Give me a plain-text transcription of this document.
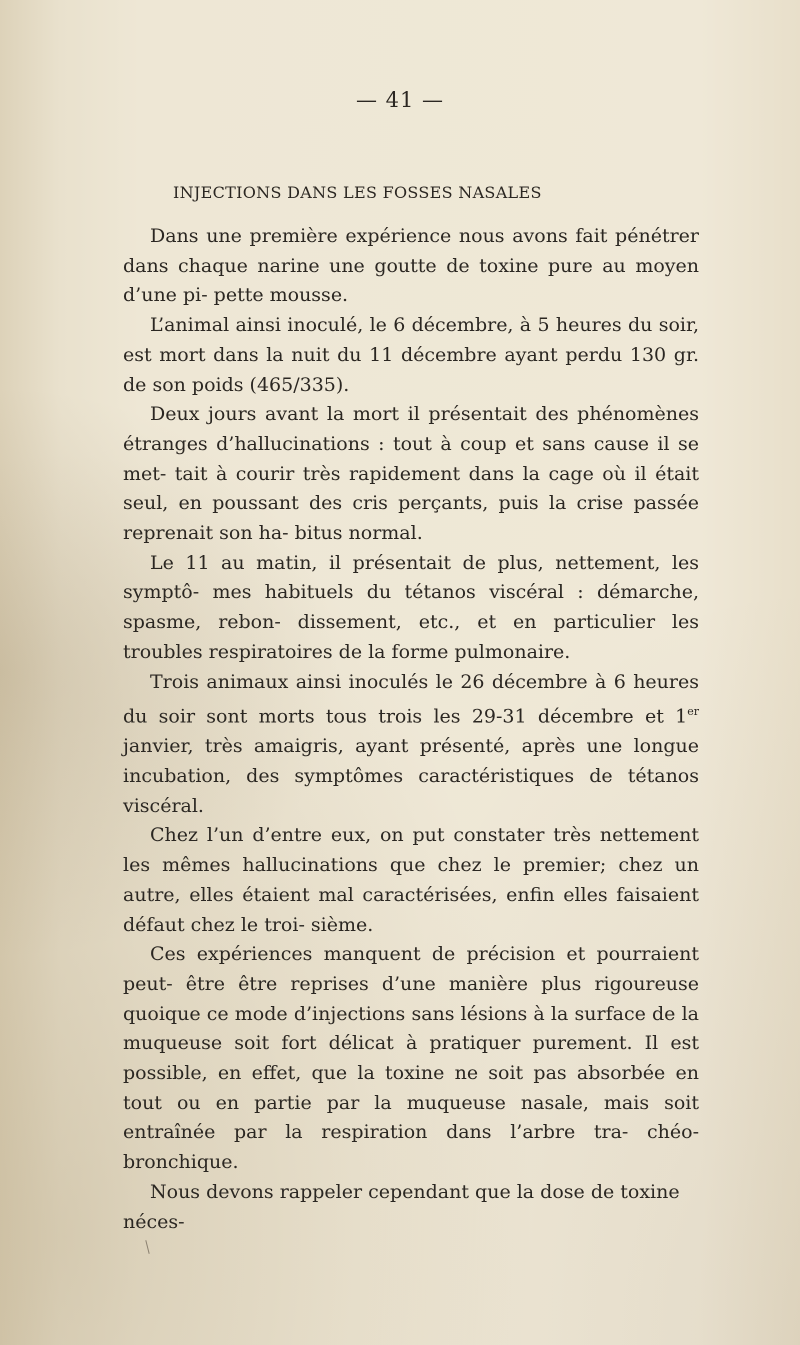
— 41 —
INJECTIONS DANS LES FOSSES NASALES

Dans une première expérience nous avons fait pénétrer dans chaque narine une goutte de toxine pure au moyen d’une pi- pette mousse.

L’animal ainsi inoculé, le 6 décembre, à 5 heures du soir, est mort dans la nuit du 11 décembre ayant perdu 130 gr. de son poids (465/335).

Deux jours avant la mort il présentait des phénomènes étranges d’hallucinations : tout à coup et sans cause il se met- tait à courir très rapidement dans la cage où il était seul, en poussant des cris perçants, puis la crise passée reprenait son ha- bitus normal.

Le 11 au matin, il présentait de plus, nettement, les symptô- mes habituels du tétanos viscéral : démarche, spasme, rebon- dissement, etc., et en particulier les troubles respiratoires de la forme pulmonaire.

Trois animaux ainsi inoculés le 26 décembre à 6 heures du soir sont morts tous trois les 29-31 décembre et 1er janvier, très amaigris, ayant présenté, après une longue incubation, des symptômes caractéristiques de tétanos viscéral.

Chez l’un d’entre eux, on put constater très nettement les mêmes hallucinations que chez le premier; chez un autre, elles étaient mal caractérisées, enfin elles faisaient défaut chez le troi- sième.

Ces expériences manquent de précision et pourraient peut- être être reprises d’une manière plus rigoureuse quoique ce mode d’injections sans lésions à la surface de la muqueuse soit fort délicat à pratiquer purement. Il est possible, en effet, que la toxine ne soit pas absorbée en tout ou en partie par la muqueuse nasale, mais soit entraînée par la respiration dans l’arbre tra- chéo-bronchique.

Nous devons rappeler cependant que la dose de toxine néces-
